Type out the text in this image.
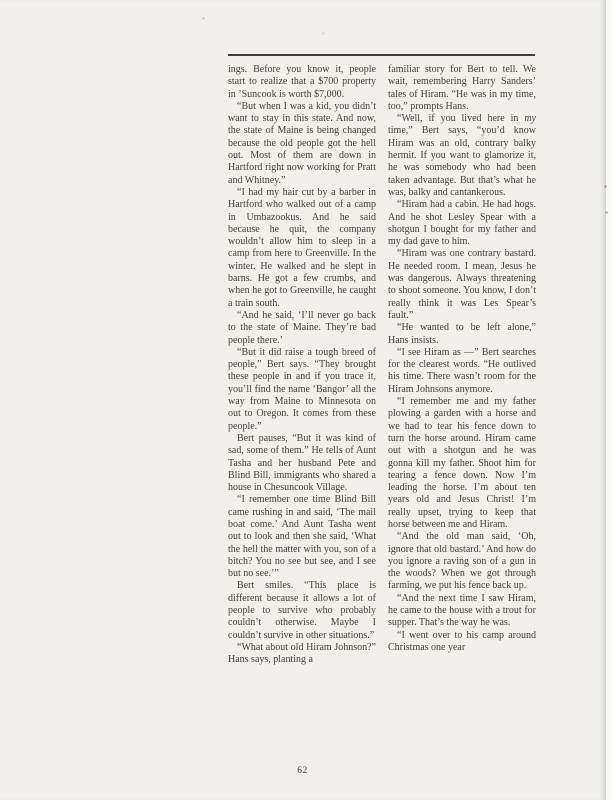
ings. Before you know it, people start to realize that a $700 property in ’Suncook is worth $7,000.

“But when I was a kid, you didn’t want to stay in this state. And now, the state of Maine is being changed because the old people got the hell out. Most of them are down in Hartford right now working for Pratt and Whitney.”

“I had my hair cut by a barber in Hartford who walked out of a camp in Umbazookus. And he said because he quit, the company wouldn’t allow him to sleep in a camp from here to Greenville. In the winter. He walked and he slept in barns. He got a few crumbs, and when he got to Greenville, he caught a train south.

“And he said, ‘I’ll never go back to the state of Maine. They’re bad people there.’

“But it did raise a tough breed of people,” Bert says. “They brought these people in and if you trace it, you’ll find the name ‘Bangor’ all the way from Maine to Minnesota on out to Oregon. It comes from these people.”

Bert pauses, “But it was kind of sad, some of them.” He tells of Aunt Tasha and her husband Pete and Blind Bill, immigrants who shared a house in Chesuncook Village.

“I remember one time Blind Bill came rushing in and said, ‘The mail boat come.’ And Aunt Tasha went out to look and then she said, ‘What the hell the matter with you, son of a bitch? You no see but see, and I see but no see.’”

Bert smiles. “This place is different because it allows a lot of people to survive who probably couldn’t otherwise. Maybe I couldn’t survive in other situations.”

“What about old Hiram Johnson?” Hans says, planting a

familiar story for Bert to tell. We wait, remembering Harry Sanders’ tales of Hiram. “He was in my time, too,” prompts Hans.

“Well, if you lived here in my time,” Bert says, “you’d know Hiram was an old, contrary balky hermit. If you want to glamorize it, he was somebody who had been taken advantage. But that’s what he was, balky and cantankerous.

“Hiram had a cabin. He had hogs. And he shot Lesley Spear with a shotgun I bought for my father and my dad gave to him.

“Hiram was one contrary bastard. He needed room. I mean, Jesus he was dangerous. Always threatening to shoot someone. You know, I don’t really think it was Les Spear’s fault.”

“He wanted to be left alone,” Hans insists.

“I see Hiram as —” Bert searches for the clearest words. “He outlived his time. There wasn’t room for the Hiram Johnsons anymore.

“I remember me and my father plowing a garden with a horse and we had to tear his fence down to turn the horse around. Hiram came out with a shotgun and he was gonna kill my father. Shoot him for tearing a fence down. Now I’m leading the horse. I’m about ten years old and Jesus Christ! I’m really upset, trying to keep that horse between me and Hiram.

“And the old man said, ‘Oh, ignore that old bastard.’ And how do you ignore a raving son of a gun in the woods? When we got through farming, we put his fence back up.

“And the next time I saw Hiram, he came to the house with a trout for supper. That’s the way he was.

“I went over to his camp around Christmas one year

62
